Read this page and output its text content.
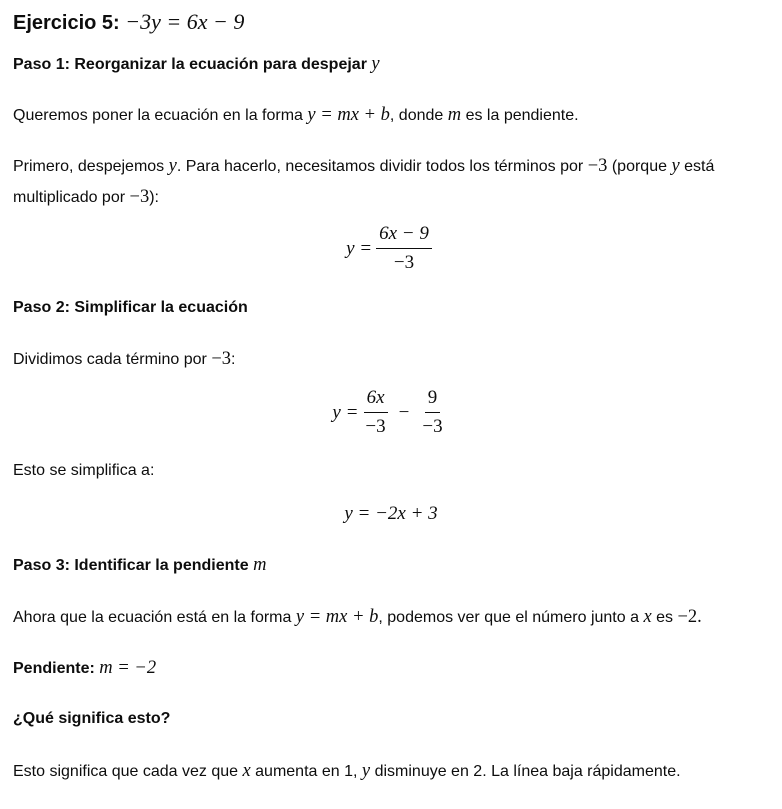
Ejercicio 5: −3y = 6x − 9
Paso 1: Reorganizar la ecuación para despejar y
Queremos poner la ecuación en la forma y = mx + b, donde m es la pendiente.
Primero, despejemos y. Para hacerlo, necesitamos dividir todos los términos por −3 (porque y está
multiplicado por −3):
$y = \frac{6x - 9}{-3}$
Paso 2: Simplificar la ecuación
Dividimos cada término por −3:
$y = \frac{6x}{-3} - \frac{9}{-3}$
Esto se simplifica a:
y = −2x + 3
Paso 3: Identificar la pendiente m
Ahora que la ecuación está en la forma y = mx + b, podemos ver que el número junto a x es −2.
Pendiente: m = −2
¿Qué significa esto?
Esto significa que cada vez que x aumenta en 1, y disminuye en 2. La línea baja rápidamente.
